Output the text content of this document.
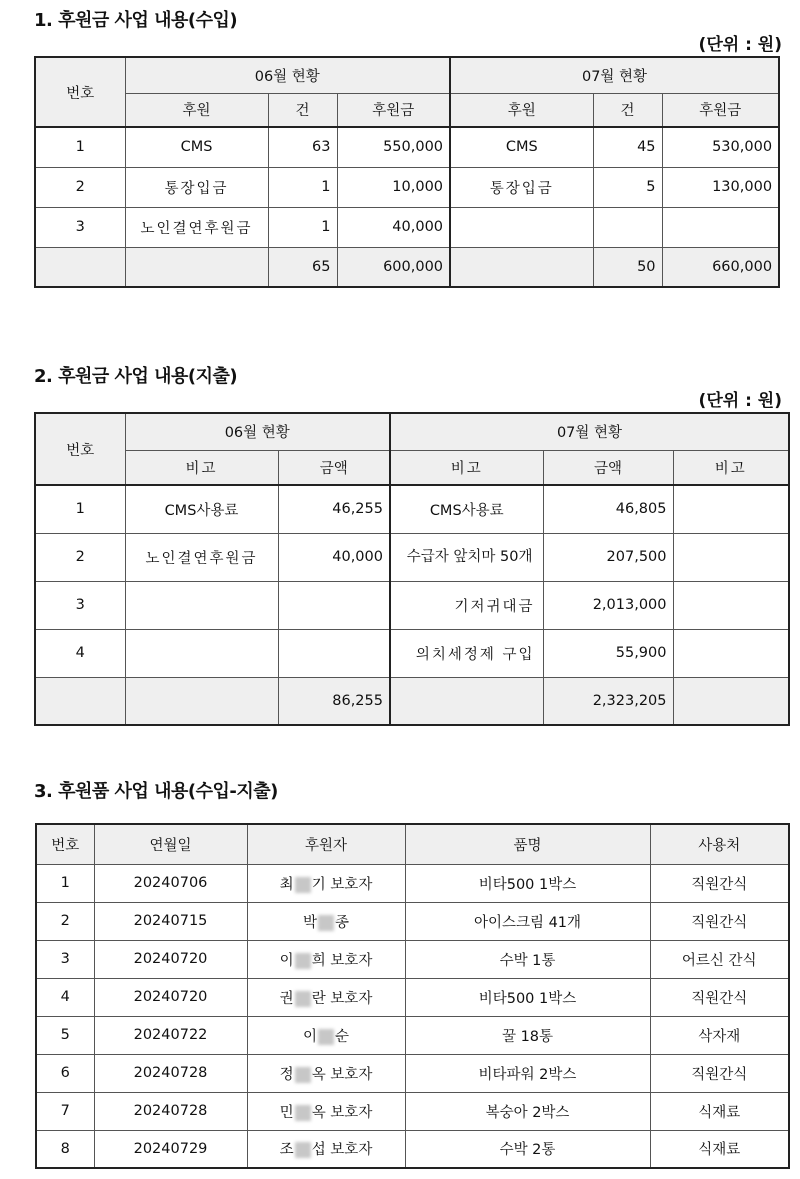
1. 후원금 사업 내용(수입)
(단위 : 원)
번호	06월 현황			07월 현황		
	후원	건	후원금	후원	건	후원금
1	CMS	63	550,000	CMS	45	530,000
2	통장입금	1	10,000	통장입금	5	130,000
3	노인결연후원금	1	40,000			
		65	600,000		50	660,000
2. 후원금 사업 내용(지출)
(단위 : 원)
번호	06월 현황		07월 현황		
	비고	금액	비고	금액	비고
1	CMS사용료	46,255	CMS사용료	46,805	
2	노인결연후원금	40,000	수급자 앞치마 50개	207,500	
3			기저귀대금	2,013,000	
4			의치세정제 구입	55,900	
		86,255		2,323,205	
3. 후원품 사업 내용(수입-지출)
번호	연월일	후원자	품명	사용처
1	20240706	최 기 보호자	비타500 1박스	직원간식
2	20240715	박 종	아이스크림 41개	직원간식
3	20240720	이 희 보호자	수박 1통	어르신 간식
4	20240720	권 란 보호자	비타500 1박스	직원간식
5	20240722	이 순	꿀 18통	삭자재
6	20240728	정 옥 보호자	비타파워 2박스	직원간식
7	20240728	민 옥 보호자	복숭아 2박스	식재료
8	20240729	조 섭 보호자	수박 2통	식재료
